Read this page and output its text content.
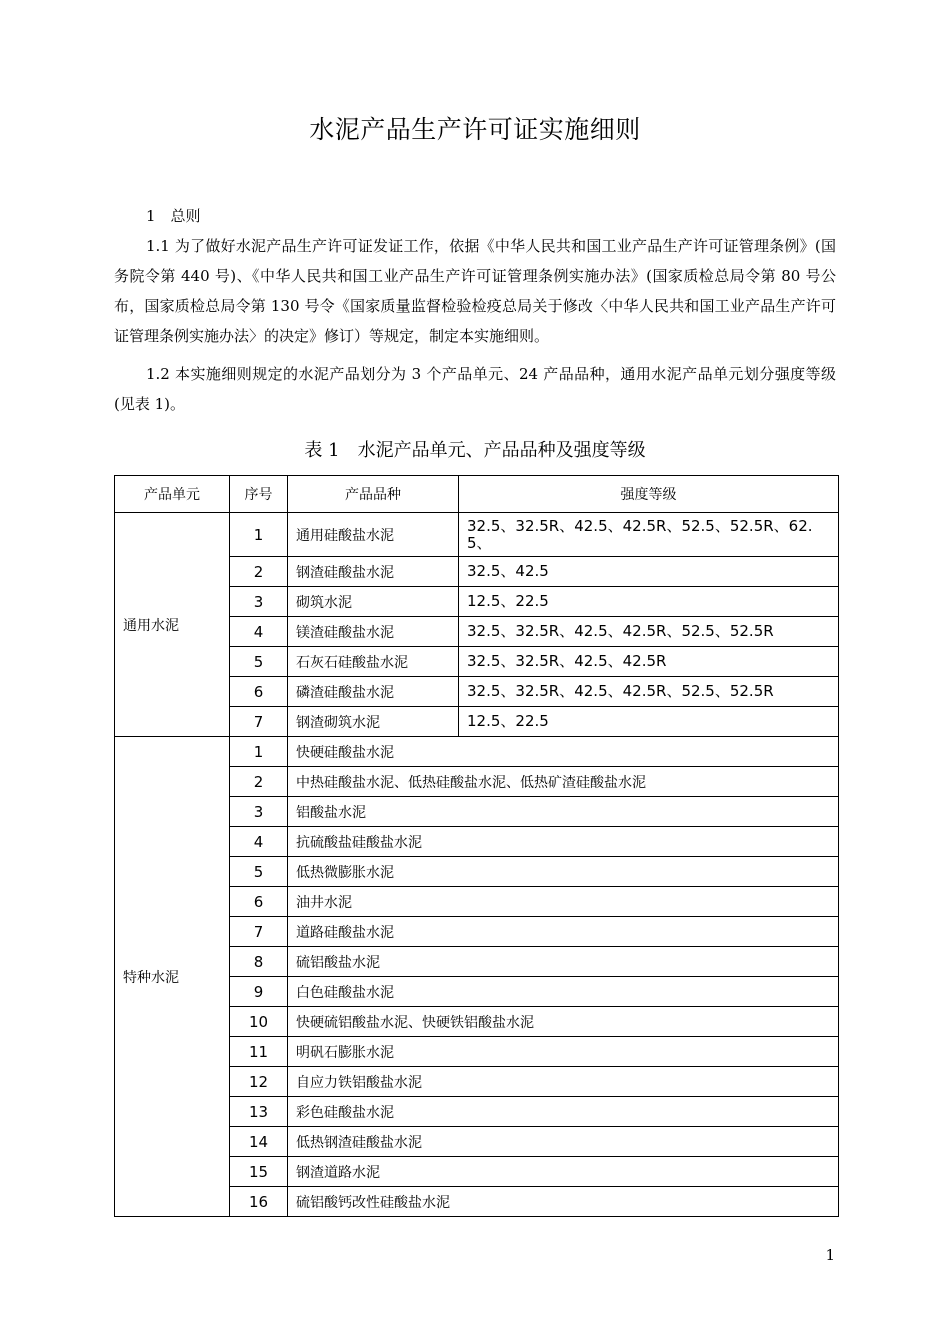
水泥产品生产许可证实施细则

1　总则

1.1 为了做好水泥产品生产许可证发证工作，依据《中华人民共和国工业产品生产许可证管理条例》(国务院令第 440 号)、《中华人民共和国工业产品生产许可证管理条例实施办法》(国家质检总局令第 80 号公布，国家质检总局令第 130 号令《国家质量监督检验检疫总局关于修改〈中华人民共和国工业产品生产许可证管理条例实施办法〉的决定》修订）等规定，制定本实施细则。

1.2 本实施细则规定的水泥产品划分为 3 个产品单元、24 产品品种，通用水泥产品单元划分强度等级(见表 1)。

表 1　水泥产品单元、产品品种及强度等级
产品单元	序号	产品品种	强度等级
通用水泥	1	通用硅酸盐水泥	32.5、32.5R、42.5、42.5R、52.5、52.5R、62.5、
	2	钢渣硅酸盐水泥	32.5、42.5
	3	砌筑水泥	12.5、22.5
	4	镁渣硅酸盐水泥	32.5、32.5R、42.5、42.5R、52.5、52.5R
	5	石灰石硅酸盐水泥	32.5、32.5R、42.5、42.5R
	6	磷渣硅酸盐水泥	32.5、32.5R、42.5、42.5R、52.5、52.5R
	7	钢渣砌筑水泥	12.5、22.5
特种水泥	1	快硬硅酸盐水泥	
	2	中热硅酸盐水泥、低热硅酸盐水泥、低热矿渣硅酸盐水泥	
	3	铝酸盐水泥	
	4	抗硫酸盐硅酸盐水泥	
	5	低热微膨胀水泥	
	6	油井水泥	
	7	道路硅酸盐水泥	
	8	硫铝酸盐水泥	
	9	白色硅酸盐水泥	
	10	快硬硫铝酸盐水泥、快硬铁铝酸盐水泥	
	11	明矾石膨胀水泥	
	12	自应力铁铝酸盐水泥	
	13	彩色硅酸盐水泥	
	14	低热钢渣硅酸盐水泥	
	15	钢渣道路水泥	
	16	硫铝酸钙改性硅酸盐水泥	
1
